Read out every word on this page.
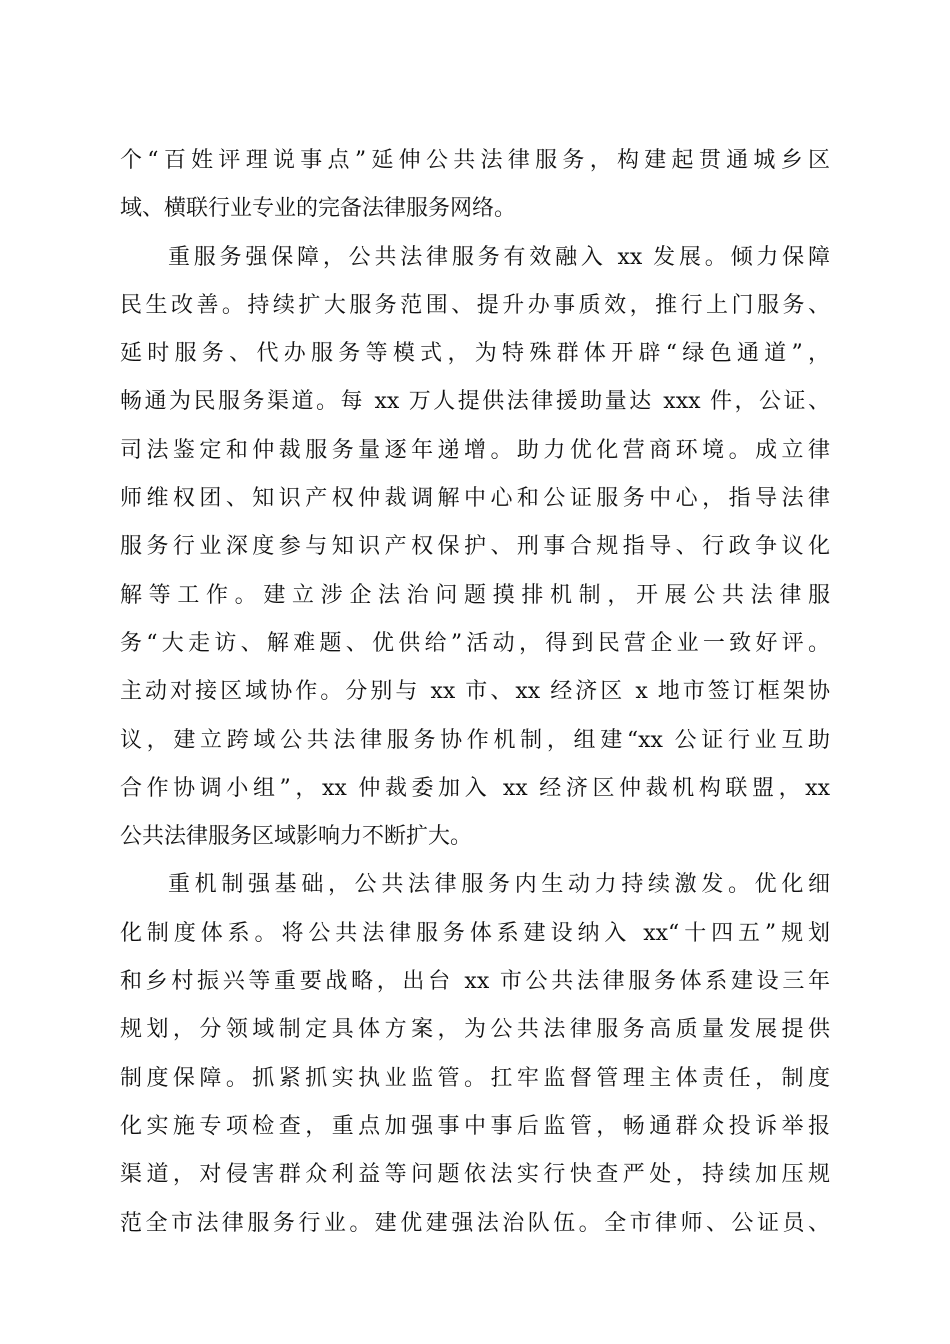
个“百姓评理说事点”延伸公共法律服务，构建起贯通城乡区
域、横联行业专业的完备法律服务网络。
重服务强保障，公共法律服务有效融入 xx 发展。倾力保障
民生改善。持续扩大服务范围、提升办事质效，推行上门服务、
延时服务、代办服务等模式，为特殊群体开辟“绿色通道”，
畅通为民服务渠道。每 xx 万人提供法律援助量达 xxx 件，公证、
司法鉴定和仲裁服务量逐年递增。助力优化营商环境。成立律
师维权团、知识产权仲裁调解中心和公证服务中心，指导法律
服务行业深度参与知识产权保护、刑事合规指导、行政争议化
解等工作。建立涉企法治问题摸排机制，开展公共法律服
务“大走访、解难题、优供给”活动，得到民营企业一致好评。
主动对接区域协作。分别与 xx 市、xx 经济区 x 地市签订框架协
议，建立跨域公共法律服务协作机制，组建“xx 公证行业互助
合作协调小组”，xx 仲裁委加入 xx 经济区仲裁机构联盟，xx
公共法律服务区域影响力不断扩大。
重机制强基础，公共法律服务内生动力持续激发。优化细
化制度体系。将公共法律服务体系建设纳入 xx“十四五”规划
和乡村振兴等重要战略，出台 xx 市公共法律服务体系建设三年
规划，分领域制定具体方案，为公共法律服务高质量发展提供
制度保障。抓紧抓实执业监管。扛牢监督管理主体责任，制度
化实施专项检查，重点加强事中事后监管，畅通群众投诉举报
渠道，对侵害群众利益等问题依法实行快查严处，持续加压规
范全市法律服务行业。建优建强法治队伍。全市律师、公证员、
